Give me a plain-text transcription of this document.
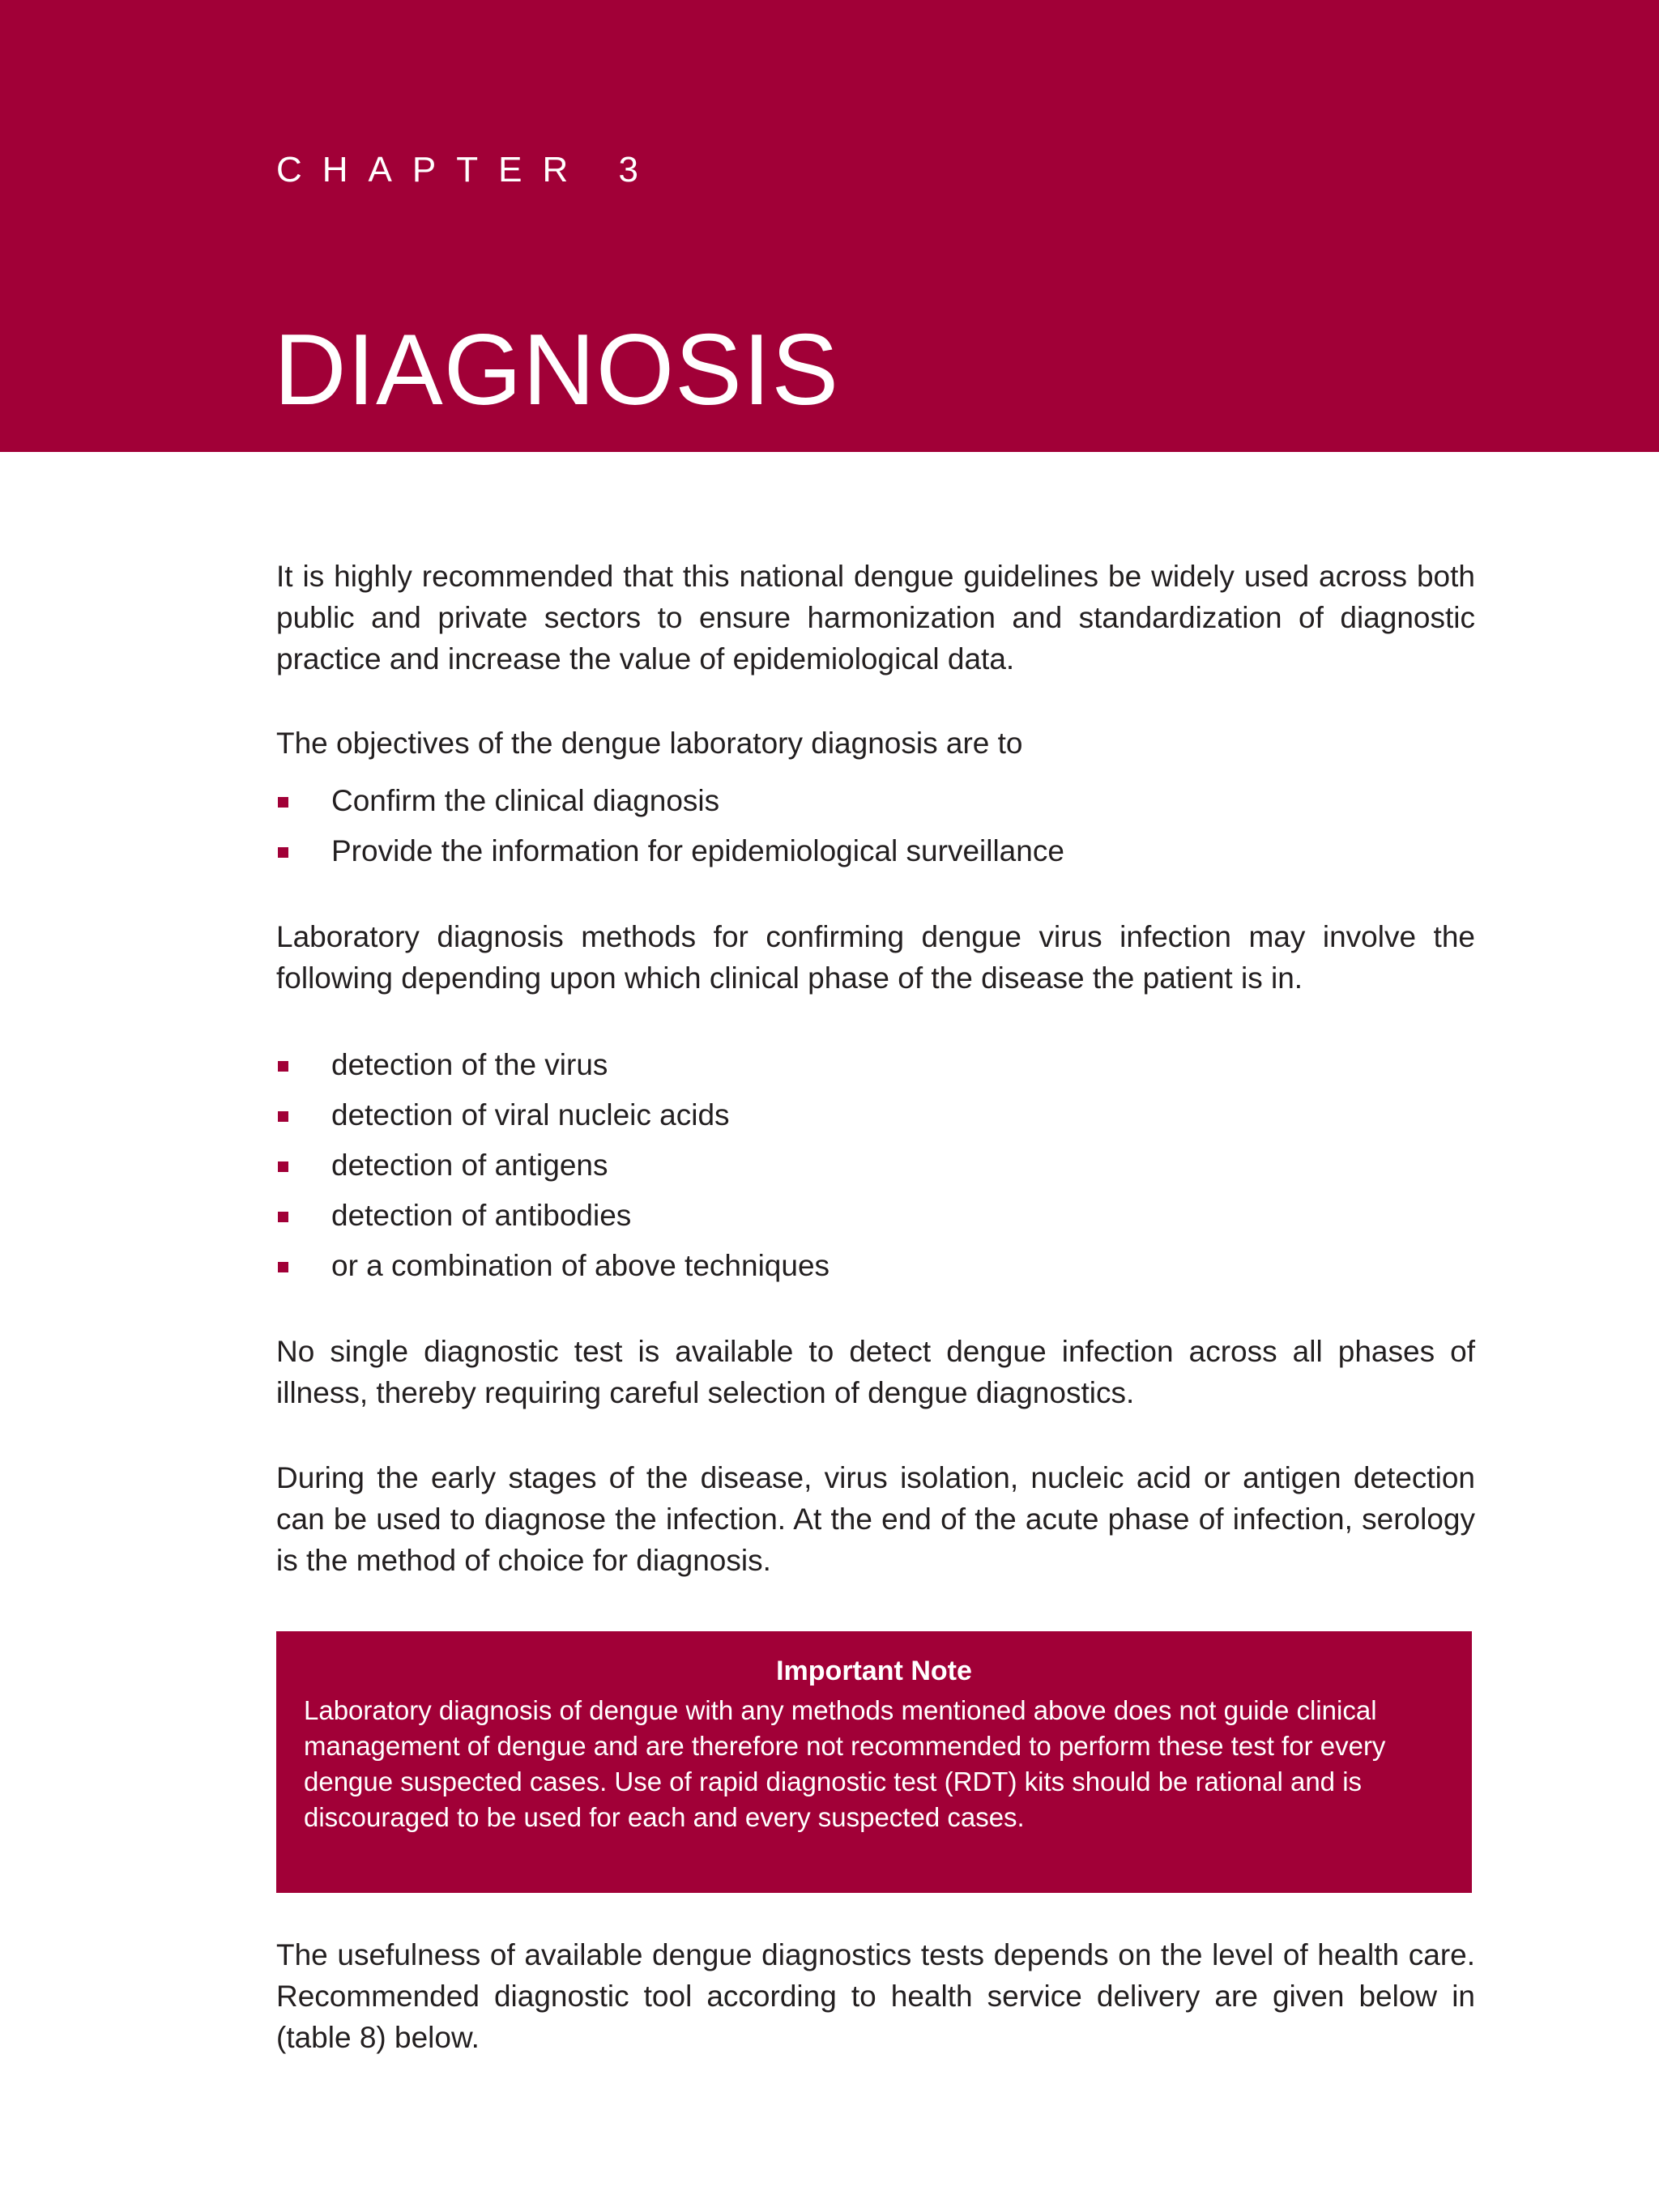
CHAPTER 3
DIAGNOSIS

It is highly recommended that this national dengue guidelines be widely used across both public and private sectors to ensure harmonization and standardization of diagnostic practice and increase the value of epidemiological data.

The objectives of the dengue laboratory diagnosis are to

Confirm the clinical diagnosis
Provide the information for epidemiological surveillance

Laboratory diagnosis methods for confirming dengue virus infection may involve the following depending upon which clinical phase of the disease the patient is in.

detection of the virus
detection of viral nucleic acids
detection of antigens
detection of antibodies
or a combination of above techniques

No single diagnostic test is available to detect dengue infection across all phases of illness, thereby requiring careful selection of dengue diagnostics.

During the early stages of the disease, virus isolation, nucleic acid or antigen detection can be used to diagnose the infection. At the end of the acute phase of infection, serology is the method of choice for diagnosis.

Important Note

Laboratory diagnosis of dengue with any methods mentioned above does not guide clinical management of dengue and are therefore not recommended to perform these test for every dengue suspected cases. Use of rapid diagnostic test (RDT) kits should be rational and is discouraged to be used for each and every suspected cases.

The usefulness of available dengue diagnostics tests depends on the level of health care. Recommended diagnostic tool according to health service delivery are given below in (table 8) below.
